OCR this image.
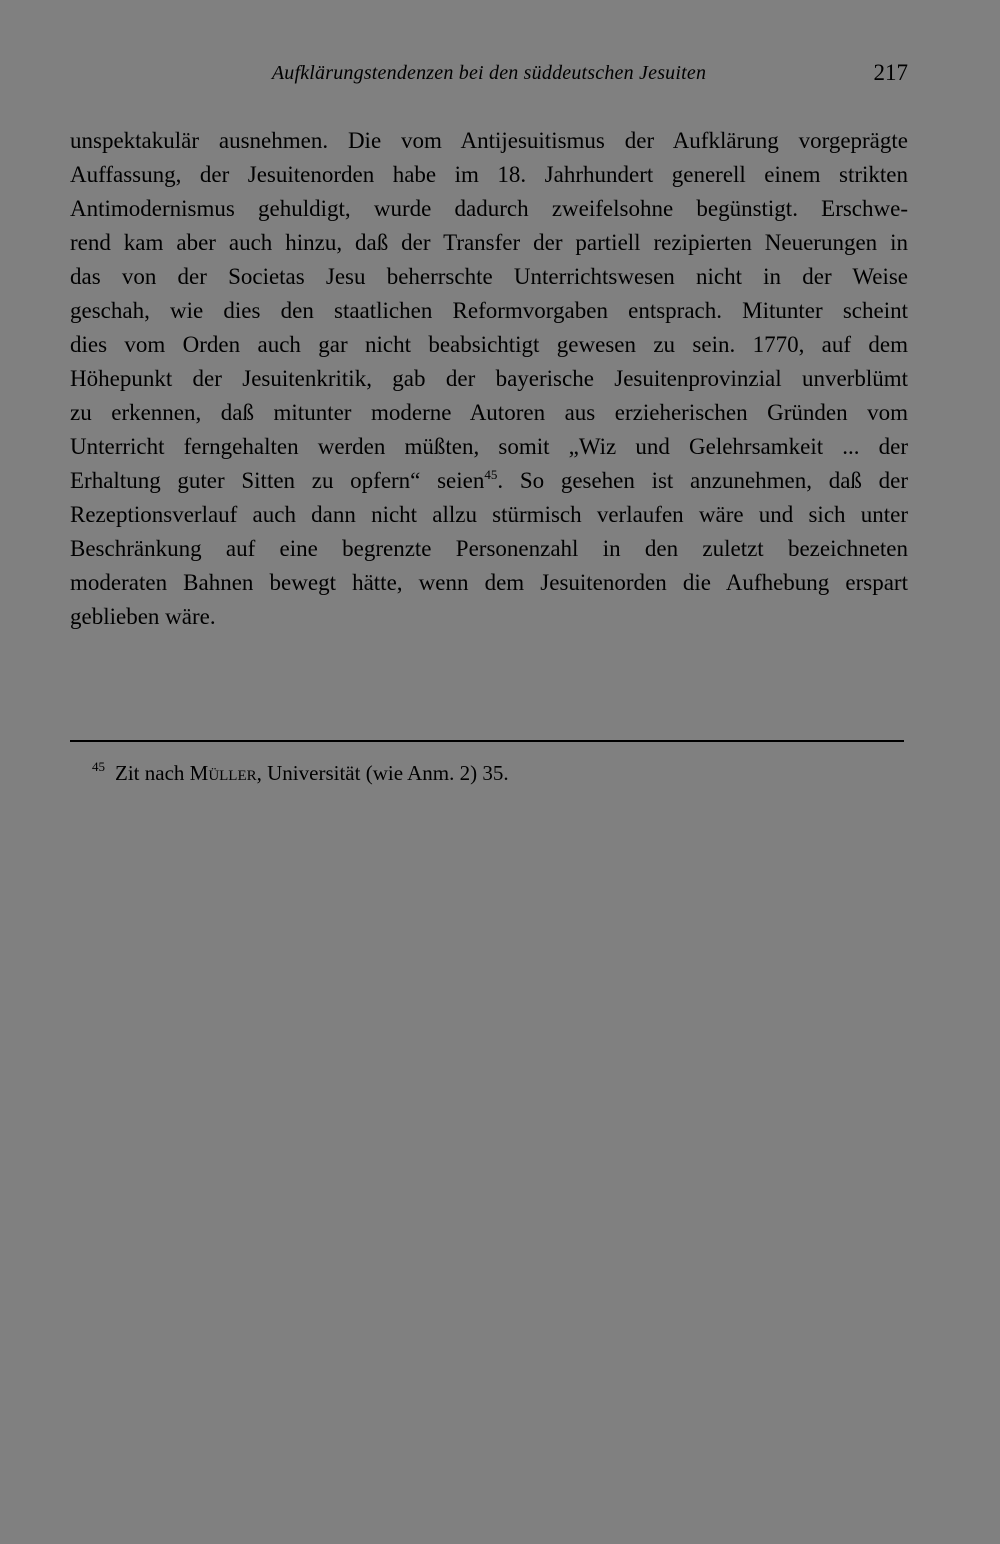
Aufklärungstendenzen bei den süddeutschen Jesuiten	217
unspektakulär ausnehmen. Die vom Antijesuitismus der Aufklärung vorgeprägte
Auffassung, der Jesuitenorden habe im 18. Jahrhundert generell einem strikten
Antimodernismus gehuldigt, wurde dadurch zweifelsohne begünstigt. Erschwe-
rend kam aber auch hinzu, daß der Transfer der partiell rezipierten Neuerungen in
das von der Societas Jesu beherrschte Unterrichtswesen nicht in der Weise
geschah, wie dies den staatlichen Reformvorgaben entsprach. Mitunter scheint
dies vom Orden auch gar nicht beabsichtigt gewesen zu sein. 1770, auf dem
Höhepunkt der Jesuitenkritik, gab der bayerische Jesuitenprovinzial unverblümt
zu erkennen, daß mitunter moderne Autoren aus erzieherischen Gründen vom
Unterricht ferngehalten werden müßten, somit „Wiz und Gelehrsamkeit ... der
Erhaltung guter Sitten zu opfern“ seien$^{45}$. So gesehen ist anzunehmen, daß der
Rezeptionsverlauf auch dann nicht allzu stürmisch verlaufen wäre und sich unter
Beschränkung auf eine begrenzte Personenzahl in den zuletzt bezeichneten
moderaten Bahnen bewegt hätte, wenn dem Jesuitenorden die Aufhebung erspart
geblieben wäre.
$^{45}$ Zit nach Müller, Universität (wie Anm. 2) 35.
